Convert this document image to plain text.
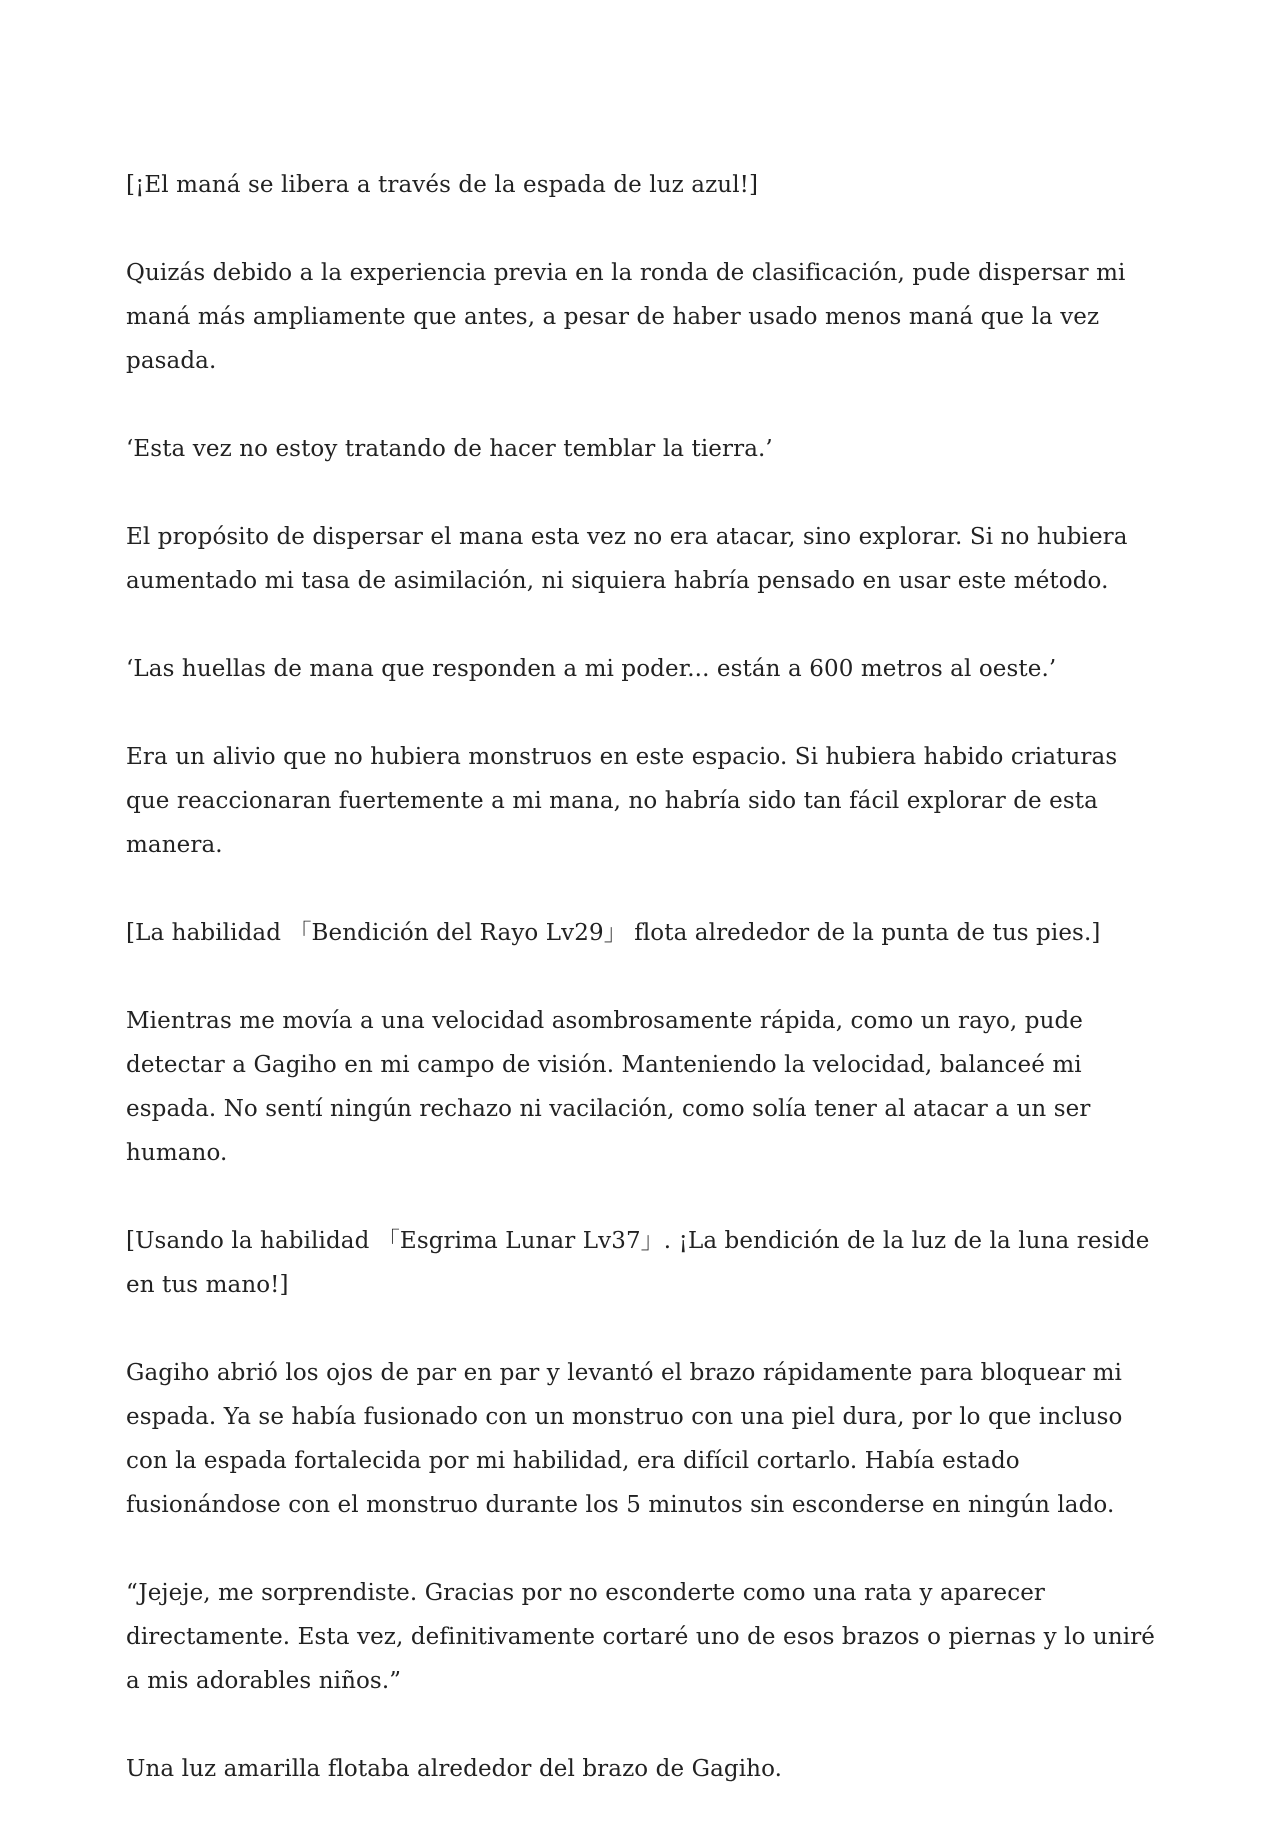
[¡El maná se libera a través de la espada de luz azul!]

Quizás debido a la experiencia previa en la ronda de clasificación, pude dispersar mi maná más ampliamente que antes, a pesar de haber usado menos maná que la vez pasada.

‘Esta vez no estoy tratando de hacer temblar la tierra.’

El propósito de dispersar el mana esta vez no era atacar, sino explorar. Si no hubiera aumentado mi tasa de asimilación, ni siquiera habría pensado en usar este método.

‘Las huellas de mana que responden a mi poder... están a 600 metros al oeste.’

Era un alivio que no hubiera monstruos en este espacio. Si hubiera habido criaturas que reaccionaran fuertemente a mi mana, no habría sido tan fácil explorar de esta manera.

[La habilidad 「Bendición del Rayo Lv29」 flota alrededor de la punta de tus pies.]

Mientras me movía a una velocidad asombrosamente rápida, como un rayo, pude detectar a Gagiho en mi campo de visión. Manteniendo la velocidad, balanceé mi espada. No sentí ningún rechazo ni vacilación, como solía tener al atacar a un ser humano.

[Usando la habilidad 「Esgrima Lunar Lv37」. ¡La bendición de la luz de la luna reside en tus mano!]

Gagiho abrió los ojos de par en par y levantó el brazo rápidamente para bloquear mi espada. Ya se había fusionado con un monstruo con una piel dura, por lo que incluso con la espada fortalecida por mi habilidad, era difícil cortarlo. Había estado fusionándose con el monstruo durante los 5 minutos sin esconderse en ningún lado.

“Jejeje, me sorprendiste. Gracias por no esconderte como una rata y aparecer directamente. Esta vez, definitivamente cortaré uno de esos brazos o piernas y lo uniré a mis adorables niños.”

Una luz amarilla flotaba alrededor del brazo de Gagiho.
